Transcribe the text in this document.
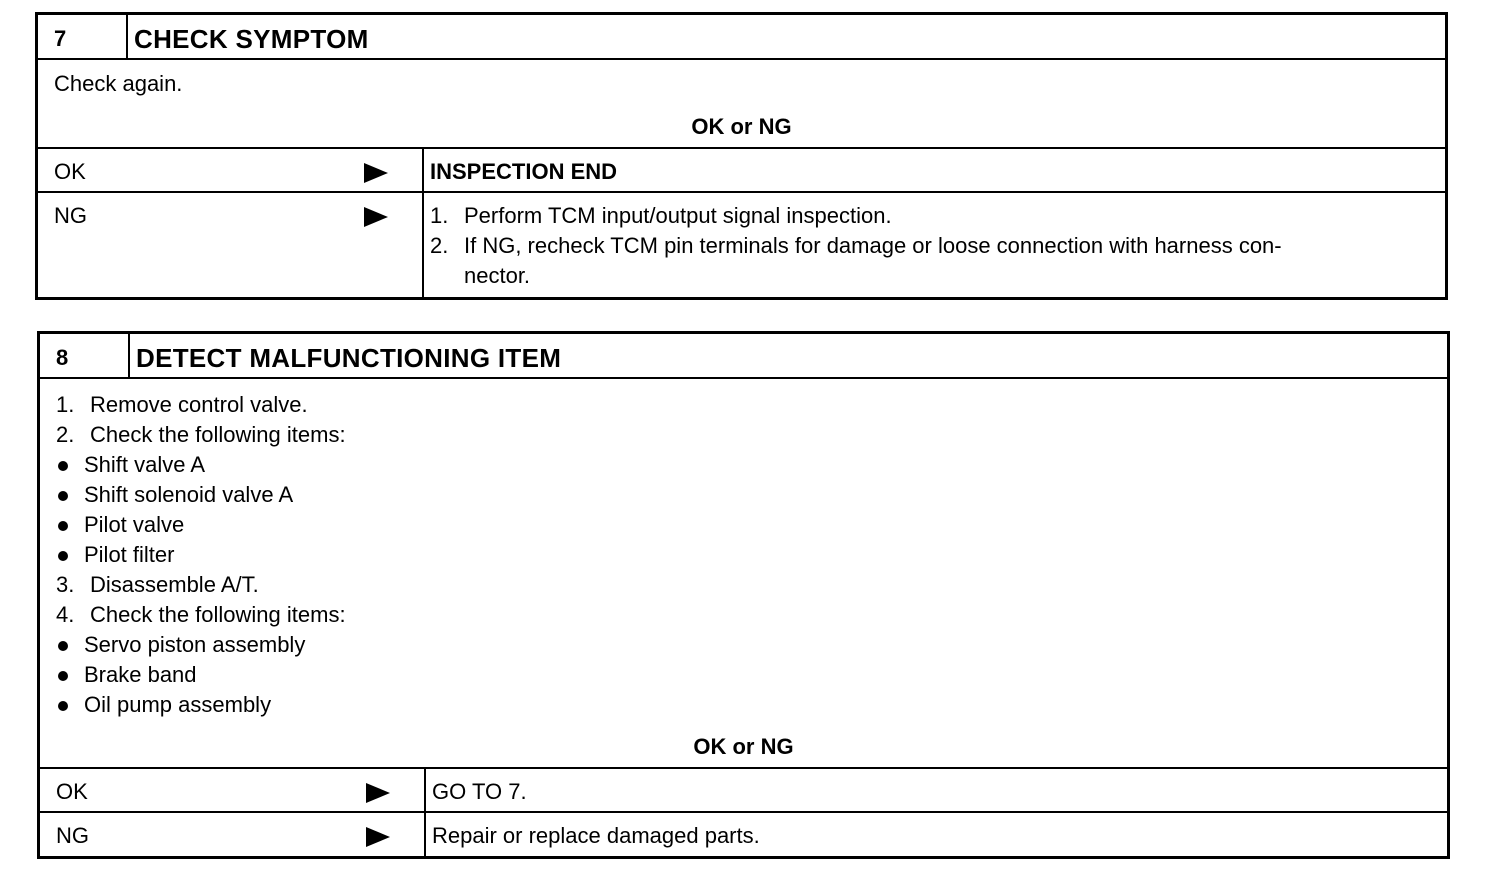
7	CHECK SYMPTOM
Check again.
OK or NG
OK	INSPECTION END
NG	1. Perform TCM input/output signal inspection.
2. If NG, recheck TCM pin terminals for damage or loose connection with harness con-
nector.
8	DETECT MALFUNCTIONING ITEM
1. Remove control valve.
2. Check the following items:
Shift valve A
Shift solenoid valve A
Pilot valve
Pilot filter
3. Disassemble A/T.
4. Check the following items:
Servo piston assembly
Brake band
Oil pump assembly
OK or NG
OK	GO TO 7.
NG	Repair or replace damaged parts.
